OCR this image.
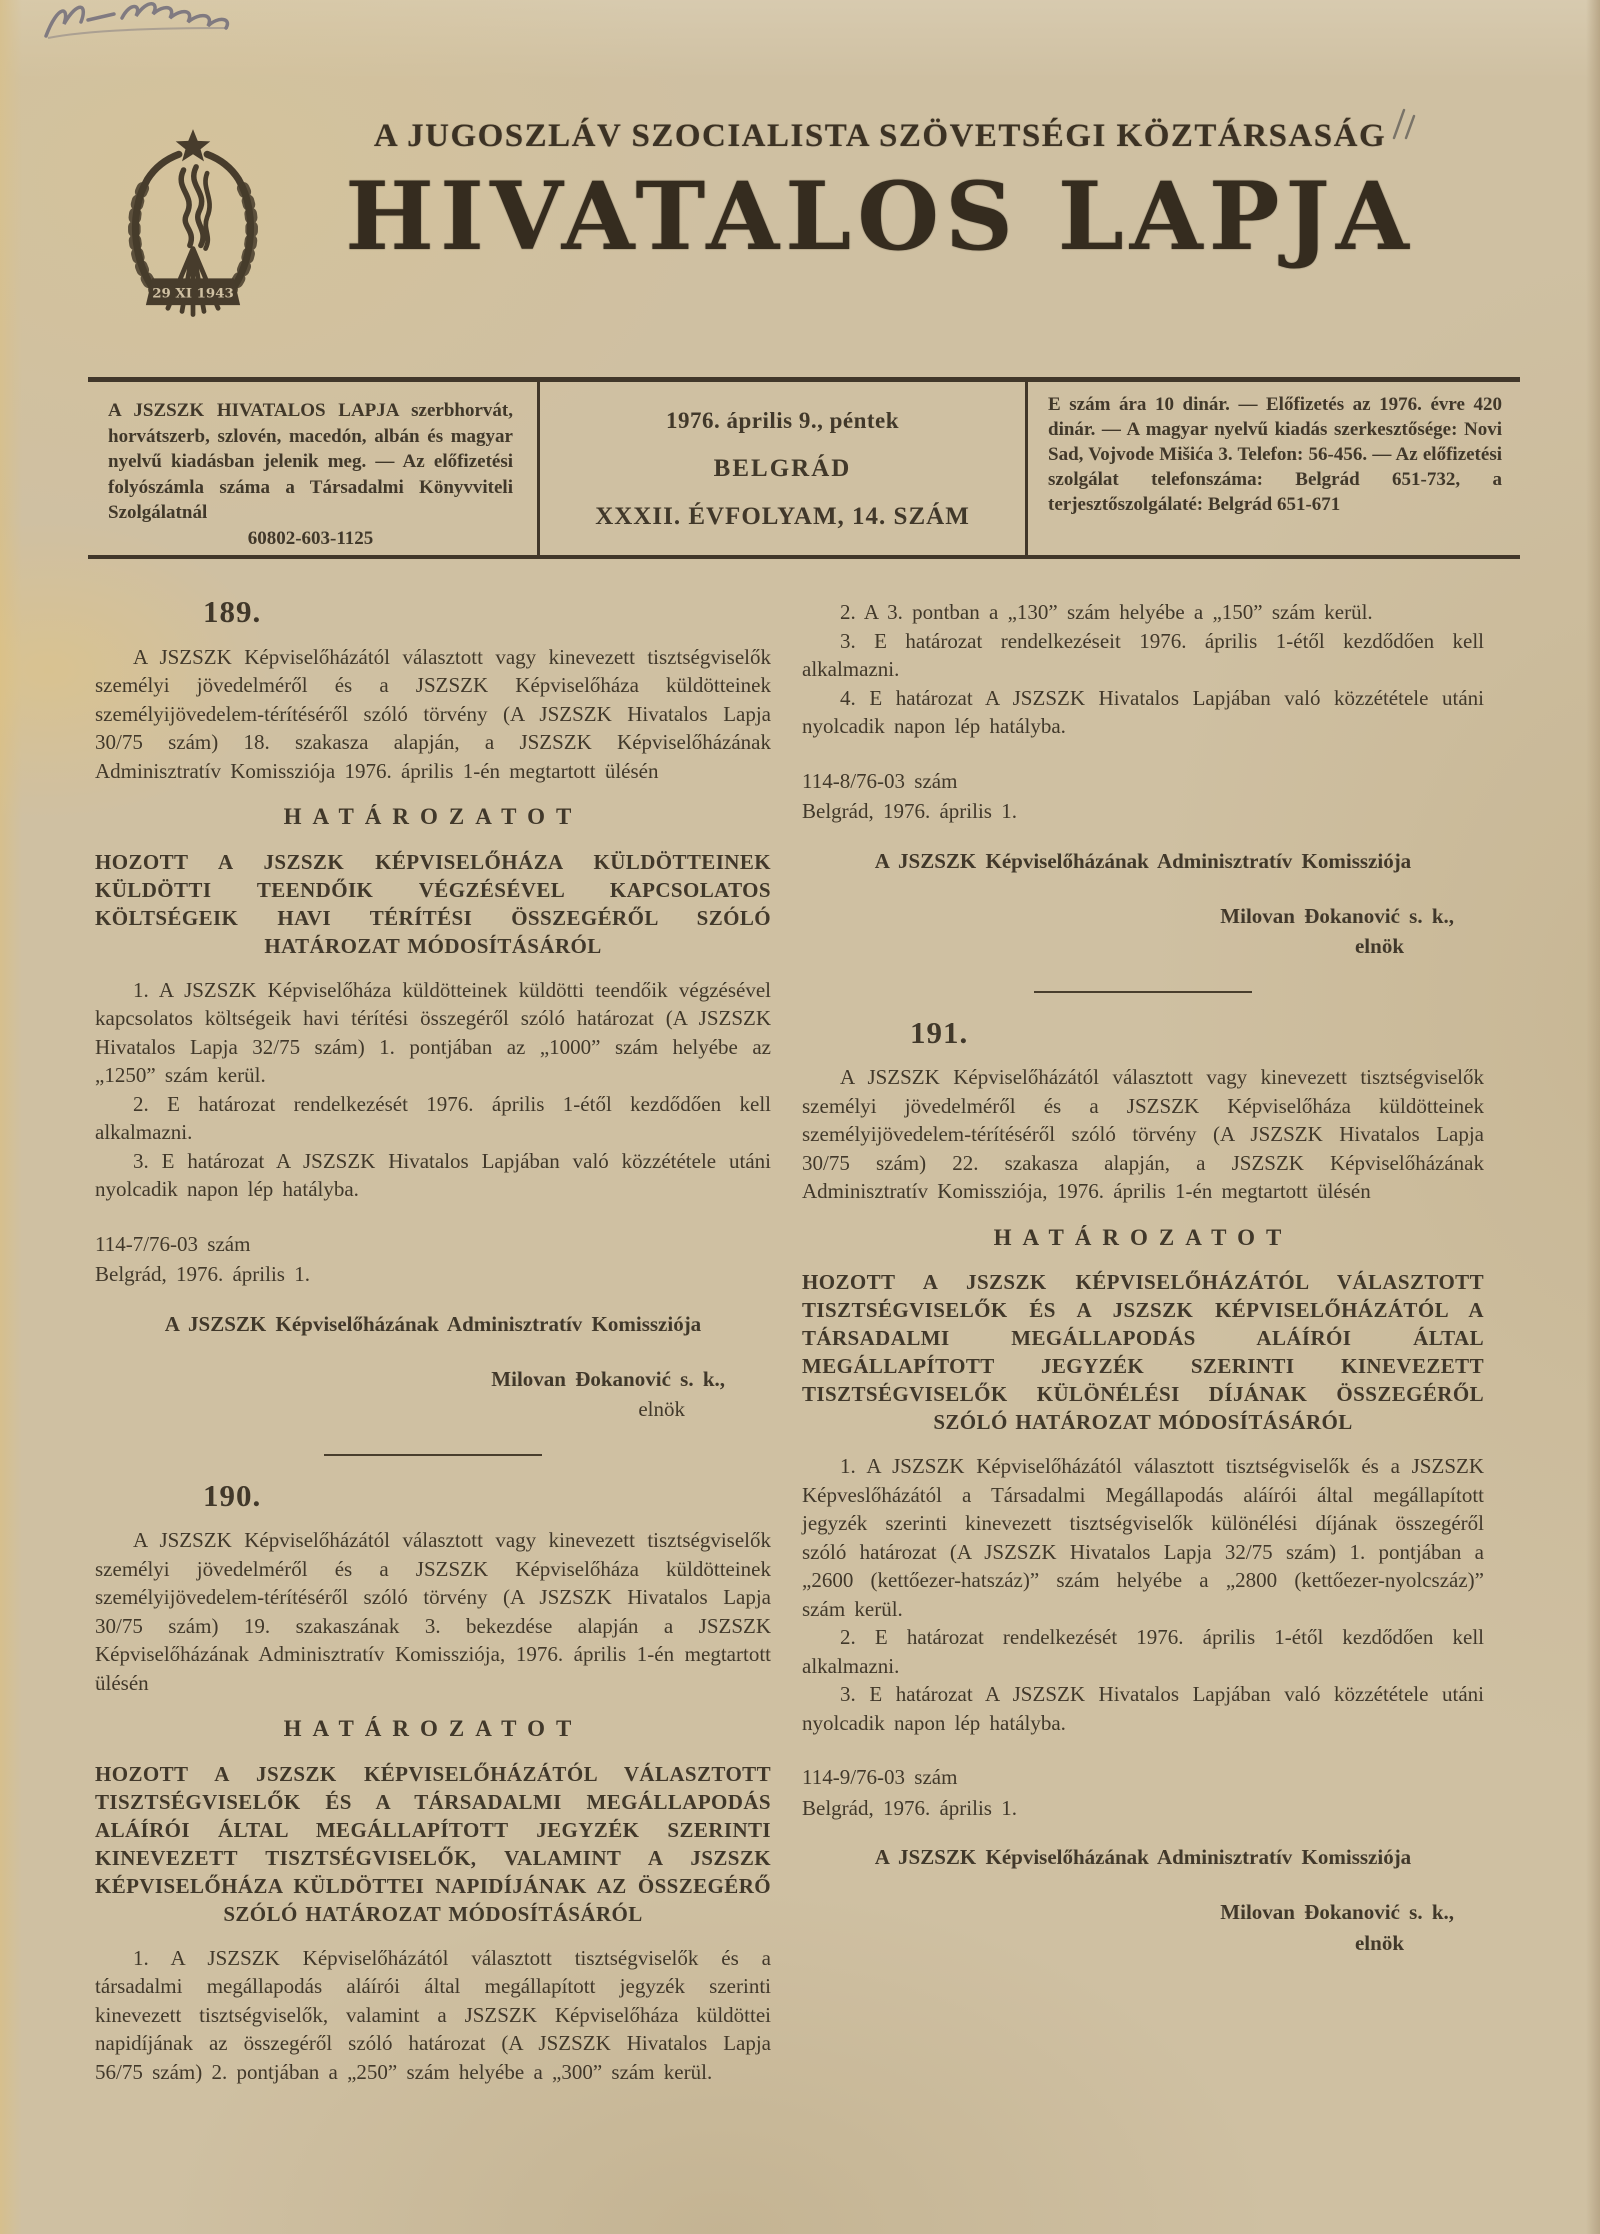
29 XI 1943
A JUGOSZLÁV SZOCIALISTA SZÖVETSÉGI KÖZTÁRSASÁG
HIVATALOS LAPJA
A JSZSZK HIVATALOS LAPJA szerbhorvát, horvátszerb, szlovén, macedón, albán és magyar nyelvű kiadásban jelenik meg. — Az előfizetési folyószámla száma a Társadalmi Könyvviteli Szolgálatnál
60802-603-1125
1976. április 9., péntek
BELGRÁD
XXXII. ÉVFOLYAM, 14. SZÁM
E szám ára 10 dinár. — Előfizetés az 1976. évre 420 dinár. — A magyar nyelvű kiadás szerkesztősége: Novi Sad, Vojvode Mišića 3. Telefon: 56-456. — Az előfizetési szolgálat telefonszáma: Belgrád 651-732, a terjesztőszolgálaté: Belgrád 651-671
189.

A JSZSZK Képviselőházától választott vagy kinevezett tisztségviselők személyi jövedelméről és a JSZSZK Képviselőháza küldötteinek személyijövedelem-térítéséről szóló törvény (A JSZSZK Hivatalos Lapja 30/75 szám) 18. szakasza alapján, a JSZSZK Képviselőházának Adminisztratív Komissziója 1976. április 1-én megtartott ülésén

HATÁROZATOT
HOZOTT A JSZSZK KÉPVISELŐHÁZA KÜLDÖTTEINEK KÜLDÖTTI TEENDŐIK VÉGZÉSÉVEL KAPCSOLATOS KÖLTSÉGEIK HAVI TÉRÍTÉSI ÖSSZEGÉRŐL SZÓLÓ HATÁROZAT MÓDOSÍTÁSÁRÓL

1. A JSZSZK Képviselőháza küldötteinek küldötti teendőik végzésével kapcsolatos költségeik havi térítési összegéről szóló határozat (A JSZSZK Hivatalos Lapja 32/75 szám) 1. pontjában az „1000” szám helyébe az „1250” szám kerül.

2. E határozat rendelkezését 1976. április 1-étől kezdődően kell alkalmazni.

3. E határozat A JSZSZK Hivatalos Lapjában való közzététele utáni nyolcadik napon lép hatályba.

114-7/76-03 szám

Belgrád, 1976. április 1.

A JSZSZK Képviselőházának Adminisztratív Komissziója
Milovan Đokanović s. k.,
elnök
190.

A JSZSZK Képviselőházától választott vagy kinevezett tisztségviselők személyi jövedelméről és a JSZSZK Képviselőháza küldötteinek személyijövedelem-térítéséről szóló törvény (A JSZSZK Hivatalos Lapja 30/75 szám) 19. szakaszának 3. bekezdése alapján a JSZSZK Képviselőházának Adminisztratív Komissziója, 1976. április 1-én megtartott ülésén

HATÁROZATOT
HOZOTT A JSZSZK KÉPVISELŐHÁZÁTÓL VÁLASZTOTT TISZTSÉGVISELŐK ÉS A TÁRSADALMI MEGÁLLAPODÁS ALÁÍRÓI ÁLTAL MEGÁLLAPÍTOTT JEGYZÉK SZERINTI KINEVEZETT TISZTSÉGVISELŐK, VALAMINT A JSZSZK KÉPVISELŐHÁZA KÜLDÖTTEI NAPIDÍJÁNAK AZ ÖSSZEGÉRŐ SZÓLÓ HATÁROZAT MÓDOSÍTÁSÁRÓL

1. A JSZSZK Képviselőházától választott tisztségviselők és a társadalmi megállapodás aláírói által megállapított jegyzék szerinti kinevezett tisztségviselők, valamint a JSZSZK Képviselőháza küldöttei napidíjának az összegéről szóló határozat (A JSZSZK Hivatalos Lapja 56/75 szám) 2. pontjában a „250” szám helyébe a „300” szám kerül.

2. A 3. pontban a „130” szám helyébe a „150” szám kerül.

3. E határozat rendelkezéseit 1976. április 1-étől kezdődően kell alkalmazni.

4. E határozat A JSZSZK Hivatalos Lapjában való közzététele utáni nyolcadik napon lép hatályba.

114-8/76-03 szám

Belgrád, 1976. április 1.

A JSZSZK Képviselőházának Adminisztratív Komissziója
Milovan Đokanović s. k.,
elnök
191.

A JSZSZK Képviselőházától választott vagy kinevezett tisztségviselők személyi jövedelméről és a JSZSZK Képviselőháza küldötteinek személyijövedelem-térítéséről szóló törvény (A JSZSZK Hivatalos Lapja 30/75 szám) 22. szakasza alapján, a JSZSZK Képviselőházának Adminisztratív Komissziója, 1976. április 1-én megtartott ülésén

HATÁROZATOT
HOZOTT A JSZSZK KÉPVISELŐHÁZÁTÓL VÁLASZTOTT TISZTSÉGVISELŐK ÉS A JSZSZK KÉPVISELŐHÁZÁTÓL A TÁRSADALMI MEGÁLLAPODÁS ALÁÍRÓI ÁLTAL MEGÁLLAPÍTOTT JEGYZÉK SZERINTI KINEVEZETT TISZTSÉGVISELŐK KÜLÖNÉLÉSI DÍJÁNAK ÖSSZEGÉRŐL SZÓLÓ HATÁROZAT MÓDOSÍTÁSÁRÓL

1. A JSZSZK Képviselőházától választott tisztségviselők és a JSZSZK Képveslőházától a Társadalmi Megállapodás aláírói által megállapított jegyzék szerinti kinevezett tisztségviselők különélési díjának összegéről szóló határozat (A JSZSZK Hivatalos Lapja 32/75 szám) 1. pontjában a „2600 (kettőezer-hatszáz)” szám helyébe a „2800 (kettőezer-nyolcszáz)” szám kerül.

2. E határozat rendelkezését 1976. április 1-étől kezdődően kell alkalmazni.

3. E határozat A JSZSZK Hivatalos Lapjában való közzététele utáni nyolcadik napon lép hatályba.

114-9/76-03 szám

Belgrád, 1976. április 1.

A JSZSZK Képviselőházának Adminisztratív Komissziója
Milovan Đokanović s. k.,
elnök
